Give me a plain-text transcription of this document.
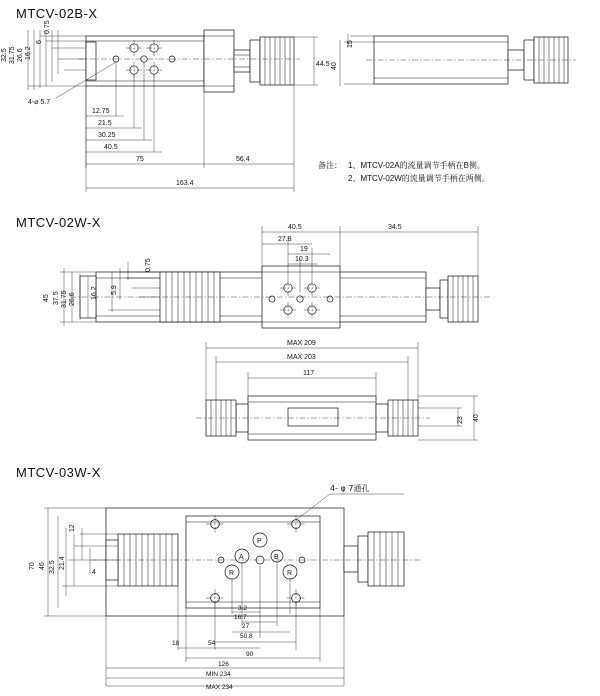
MTCV-02B-X
MTCV-02W-X
MTCV-03W-X
备注： 1、MTCV-02A的流量调节手柄在B侧。
2、MTCV-02W的流量调节手柄在两侧。
32.5 31.75 26.6 16.2
6
0.75
4-⌀ 5.7
12.75
21.5
30.25
40.5
75	56.4
163.4
44.5
15
40
40.5	34.5
27.8
19
10.3
45 37.5 31.75 26.6 16.2 5.9
0.75
MAX 209
MAX 203
117
40
23
P
A	B
R	R
4- φ 7通孔
70 46 32.5 21.4
12
4
3.2
16.7
27
50.8
54
90
126
MIN 234
MAX 234
18
